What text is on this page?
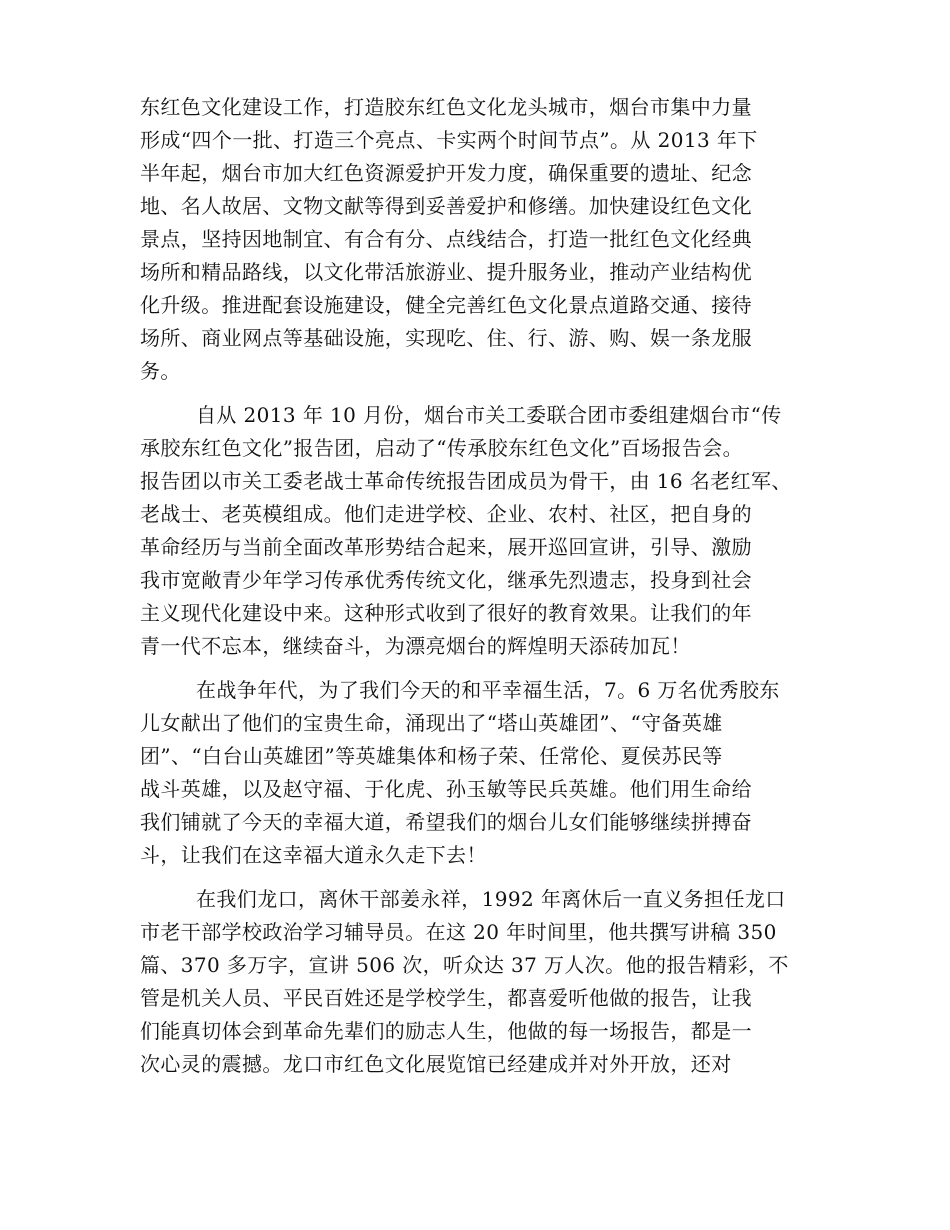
东红色文化建设工作，打造胶东红色文化龙头城市，烟台市集中力量
形成“四个一批、打造三个亮点、卡实两个时间节点”。从 2013 年下
半年起，烟台市加大红色资源爱护开发力度，确保重要的遗址、纪念
地、名人故居、文物文献等得到妥善爱护和修缮。加快建设红色文化
景点，坚持因地制宜、有合有分、点线结合，打造一批红色文化经典
场所和精品路线，以文化带活旅游业、提升服务业，推动产业结构优
化升级。推进配套设施建设，健全完善红色文化景点道路交通、接待
场所、商业网点等基础设施，实现吃、住、行、游、购、娱一条龙服
务。
自从 2013 年 10 月份，烟台市关工委联合团市委组建烟台市“传
承胶东红色文化”报告团，启动了“传承胶东红色文化”百场报告会。
报告团以市关工委老战士革命传统报告团成员为骨干，由 16 名老红军、
老战士、老英模组成。他们走进学校、企业、农村、社区，把自身的
革命经历与当前全面改革形势结合起来，展开巡回宣讲，引导、激励
我市宽敞青少年学习传承优秀传统文化，继承先烈遗志，投身到社会
主义现代化建设中来。这种形式收到了很好的教育效果。让我们的年
青一代不忘本，继续奋斗，为漂亮烟台的辉煌明天添砖加瓦！
在战争年代，为了我们今天的和平幸福生活，7。6 万名优秀胶东
儿女献出了他们的宝贵生命，涌现出了“塔山英雄团”、“守备英雄
团”、“白台山英雄团”等英雄集体和杨子荣、任常伦、夏侯苏民等
战斗英雄，以及赵守福、于化虎、孙玉敏等民兵英雄。他们用生命给
我们铺就了今天的幸福大道，希望我们的烟台儿女们能够继续拼搏奋
斗，让我们在这幸福大道永久走下去！
在我们龙口，离休干部姜永祥，1992 年离休后一直义务担任龙口
市老干部学校政治学习辅导员。在这 20 年时间里，他共撰写讲稿 350
篇、370 多万字，宣讲 506 次，听众达 37 万人次。他的报告精彩，不
管是机关人员、平民百姓还是学校学生，都喜爱听他做的报告，让我
们能真切体会到革命先辈们的励志人生，他做的每一场报告，都是一
次心灵的震撼。龙口市红色文化展览馆已经建成并对外开放，还对
